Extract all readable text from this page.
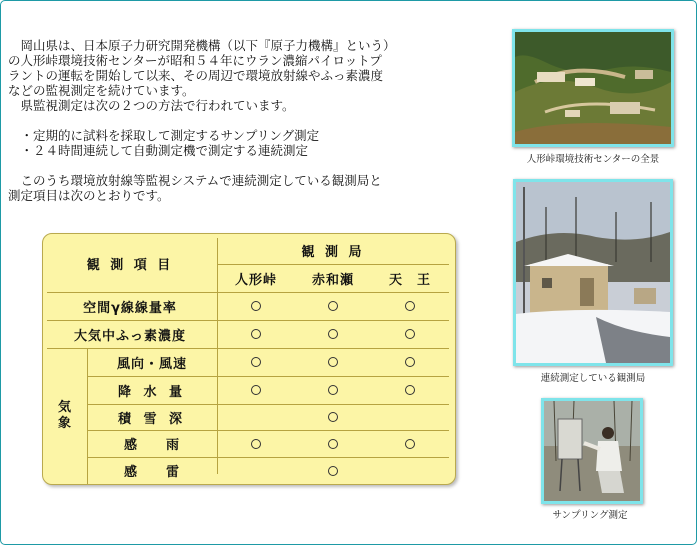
　岡山県は、日本原子力研究開発機構（以下『原子力機構』という）

の人形峠環境技術センターが昭和５４年にウラン濃縮パイロットプ

ラントの運転を開始して以来、その周辺で環境放射線やふっ素濃度

などの監視測定を続けています。

　県監視測定は次の２つの方法で行われています。

　・定期的に試料を採取して測定するサンプリング測定

　・２４時間連続して自動測定機で測定する連続測定

　このうち環境放射線等監視システムで連続測定している観測局と

測定項目は次のとおりです。

観 測 項 目
観 測 局
人形峠	赤和瀬	天　王
空間γ線線量率
大気中ふっ素濃度
気
象
風向・風速
降 水 量
積 雪 深
感　　雨
感　　雷
人形峠環境技術センターの全景
連続測定している観測局
サンプリング測定
